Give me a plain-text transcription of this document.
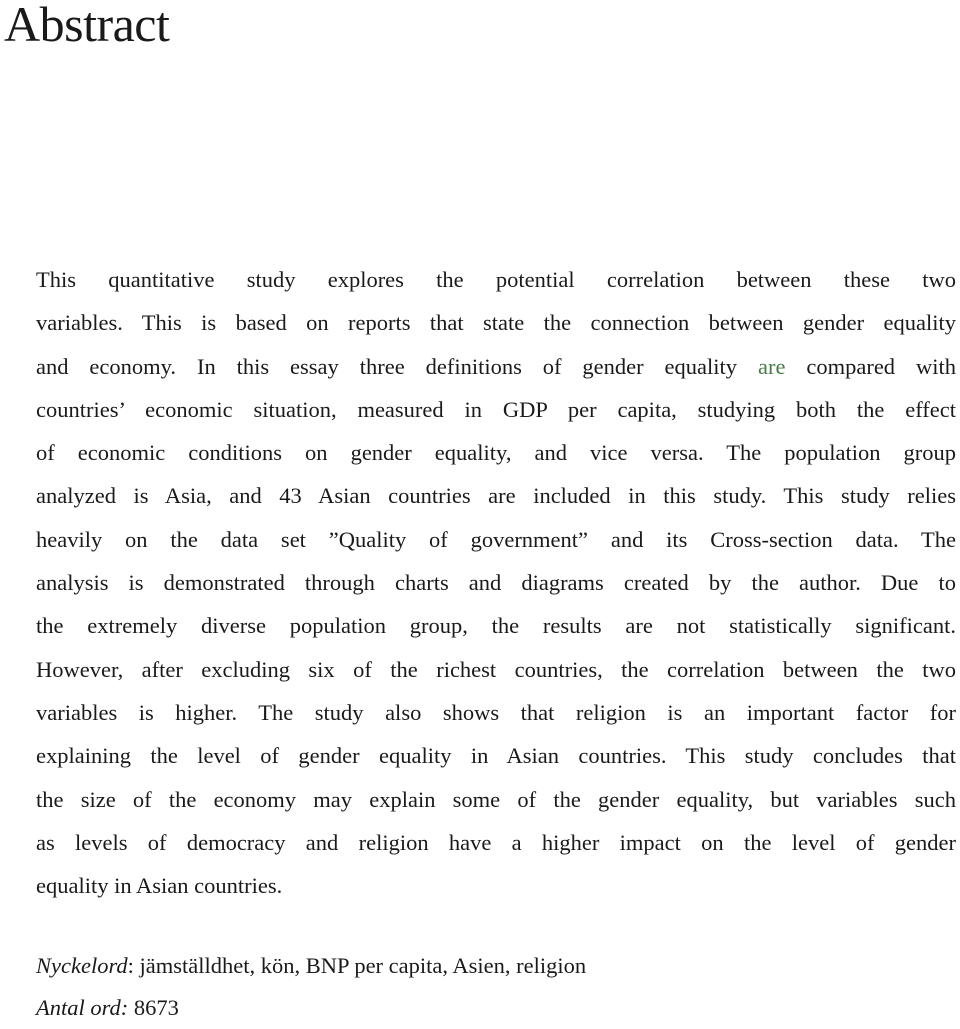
Abstract
This quantitative study explores the potential correlation between these two
variables. This is based on reports that state the connection between gender equality
and economy. In this essay three definitions of gender equality are compared with
countries’ economic situation, measured in GDP per capita, studying both the effect
of economic conditions on gender equality, and vice versa. The population group
analyzed is Asia, and 43 Asian countries are included in this study. This study relies
heavily on the data set ”Quality of government” and its Cross-section data. The
analysis is demonstrated through charts and diagrams created by the author. Due to
the extremely diverse population group, the results are not statistically significant.
However, after excluding six of the richest countries, the correlation between the two
variables is higher. The study also shows that religion is an important factor for
explaining the level of gender equality in Asian countries. This study concludes that
the size of the economy may explain some of the gender equality, but variables such
as levels of democracy and religion have a higher impact on the level of gender
equality in Asian countries.
Nyckelord: jämställdhet, kön, BNP per capita, Asien, religion
Antal ord: 8673
